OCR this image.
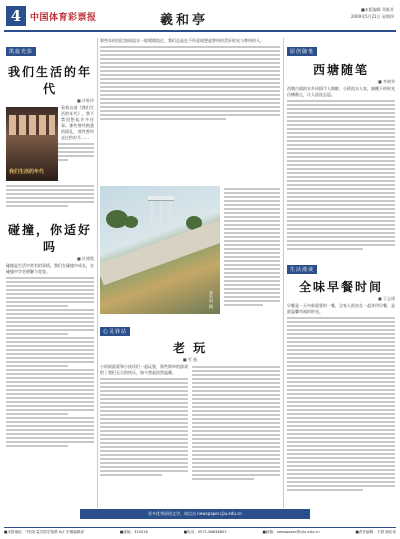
4 中国体育彩票报	羲和亭
■本版编辑 邓维芳
2009年5月21日 星期四
凯旋光影
我们生活的年代
■ 许维伟
我们生活的年代
看着这部《我们生活的年代》，我不禁回想起许多往事。那些曾经熟悉的面孔，那些曾经走过的岁月……
碰撞，你适好吗
■ 杜德霞
碰撞是生活中常有的事情，我们在碰撞中成长，在碰撞中学会理解与宽容。
那些年的回忆如同流水一般缓缓流过，我们总是在不经意间想起曾经的美好时光与曾经的人。
姜竹村 摄
心灵驿站
老 玩
■ 雪 薇
小时候最爱和小伙伴们一起玩耍，那些简单的游戏给了我们无尽的快乐，如今想起依然温暖。
原创随笔
西塘随笔
■ 李晓华
西塘古镇的水乡风情令人陶醉，小桥流水人家，廊棚下的时光仿佛静止，让人流连忘返。
生活漫谈
全味早餐时间
■ 王志刚
早餐是一天中最重要的一餐，全家人围坐在一起享用早餐，是最温馨幸福的时光。
更多优秀原创文学，请点击 newspaper.cjlu.edu.cn
■本报地址：中国计量学院学苑路 A区 东楼编辑部	■邮编：310018	■电话：0571-86836802	■邮箱：newspaper@cjlu.edu.cn	■责任编辑：不群 顾佳伟
